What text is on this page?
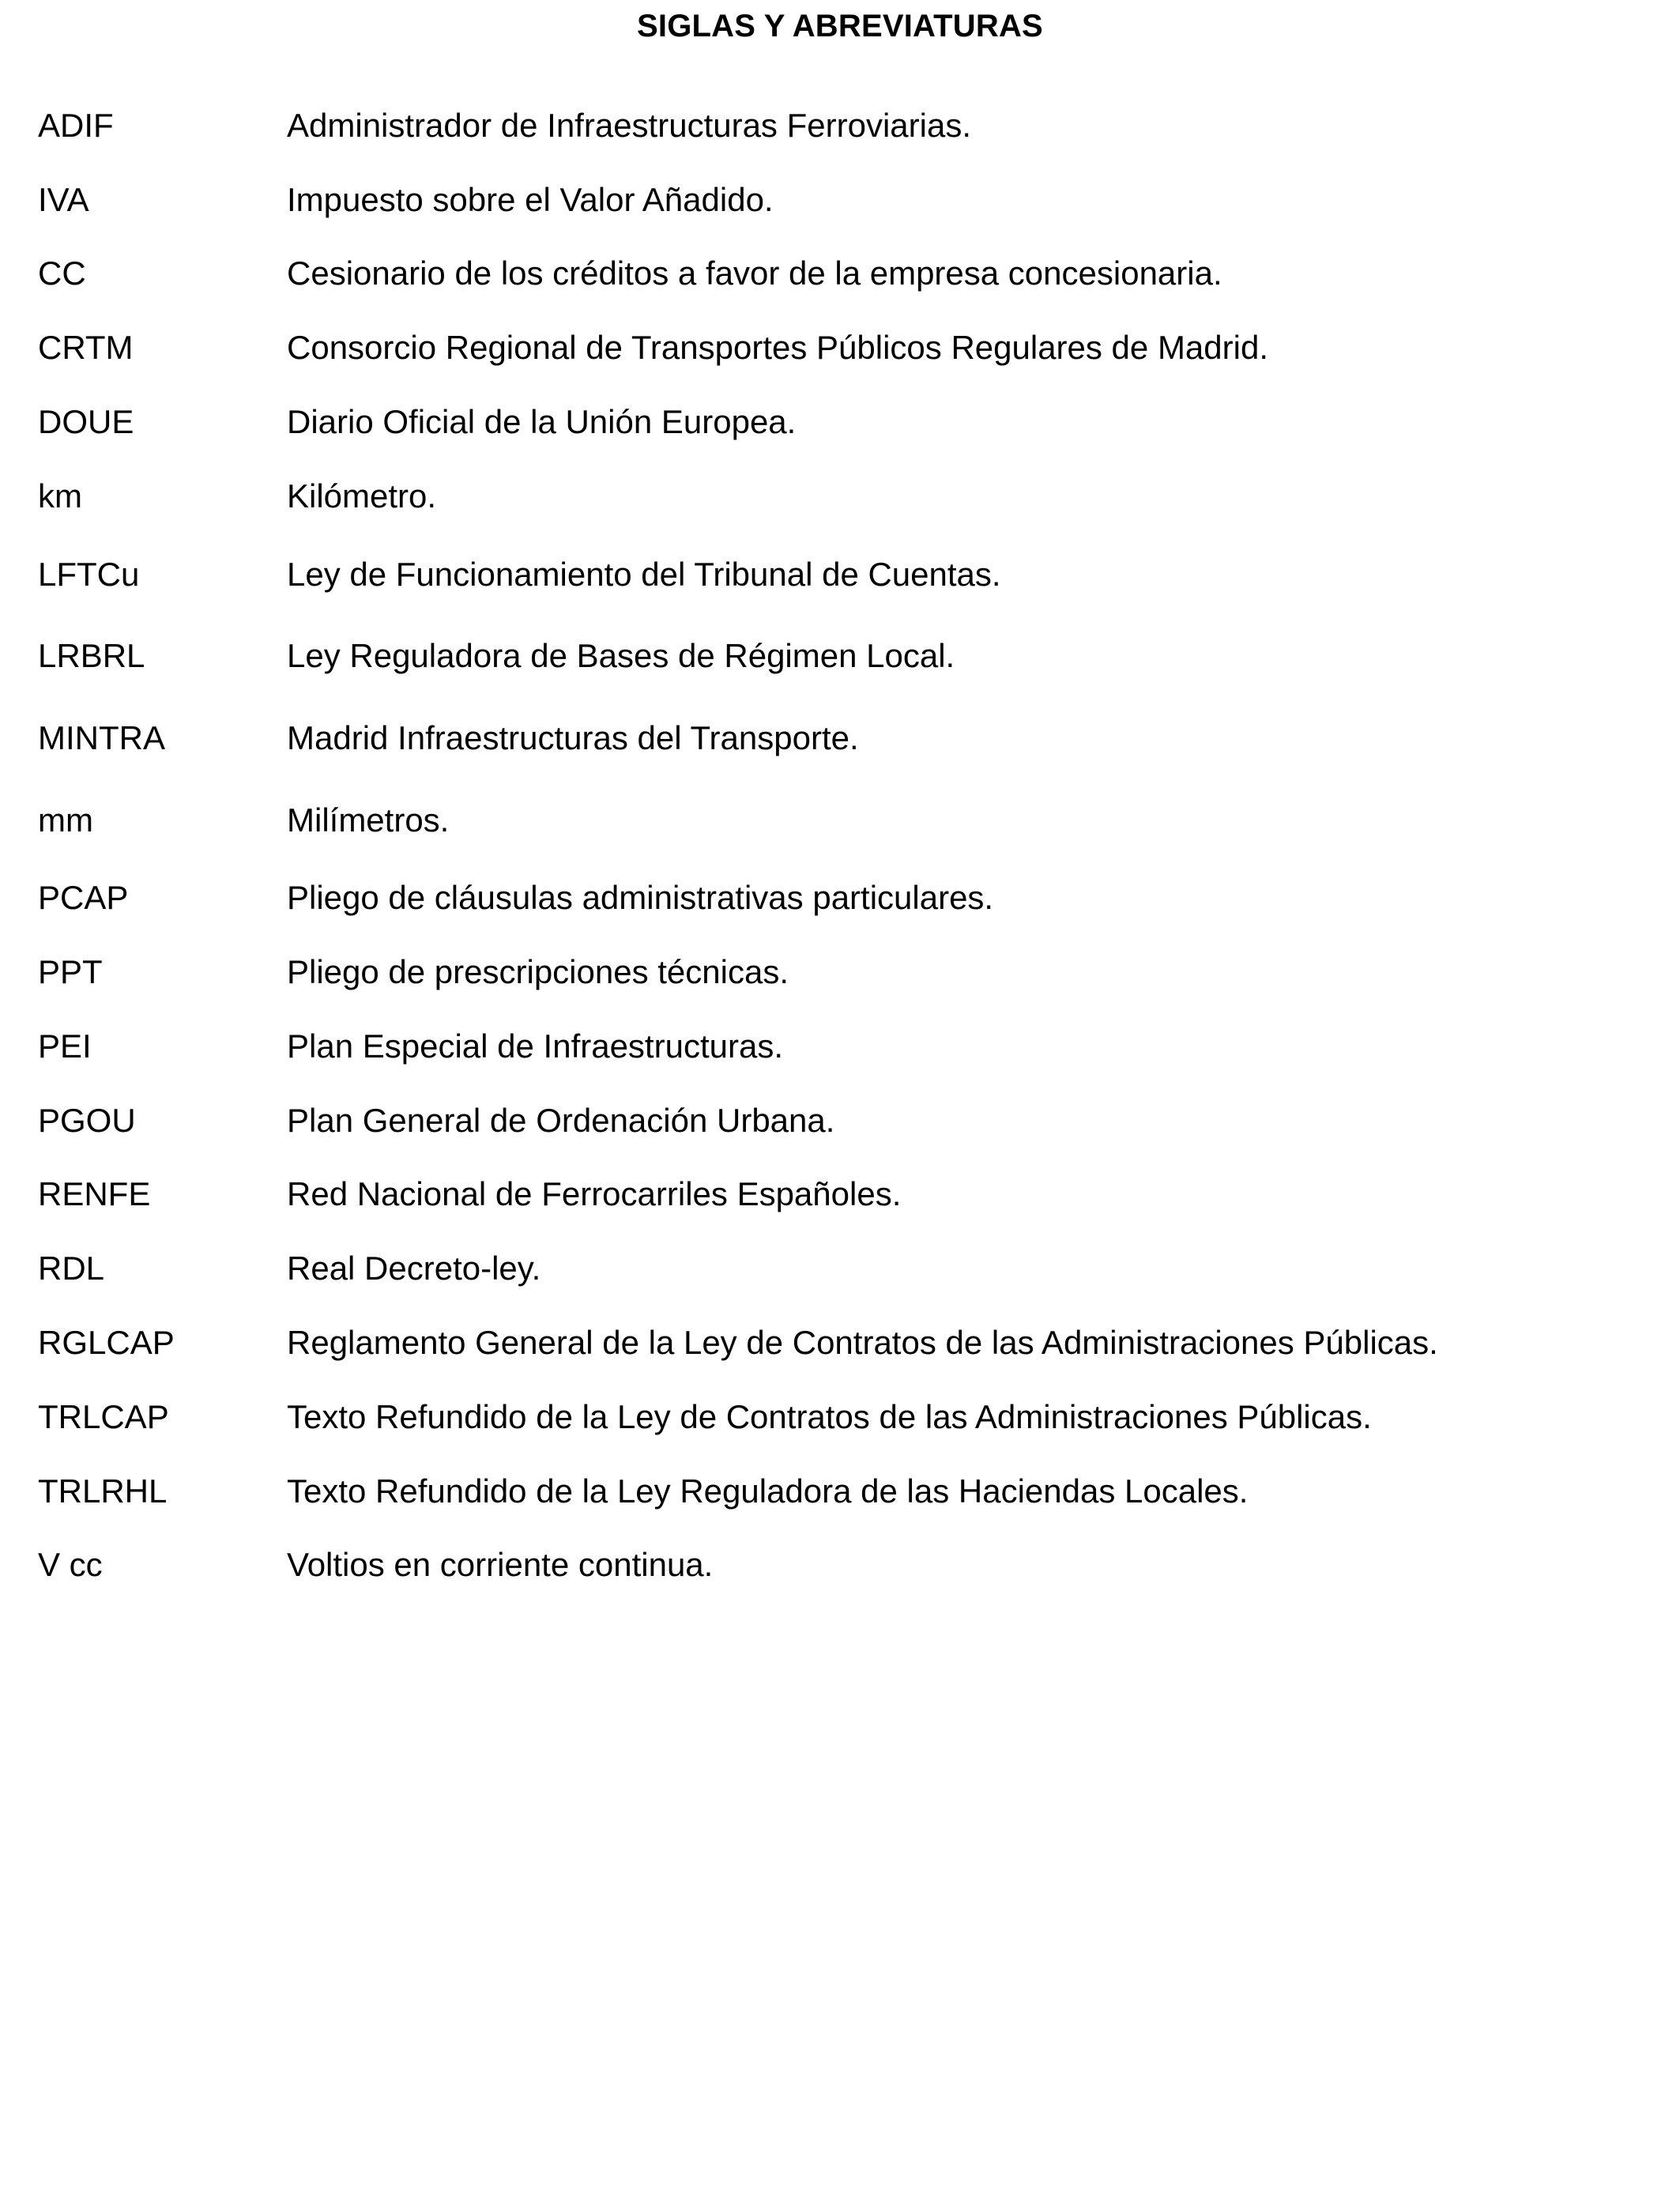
SIGLAS Y ABREVIATURAS
ADIF	Administrador de Infraestructuras Ferroviarias.
IVA	Impuesto sobre el Valor Añadido.
CC	Cesionario de los créditos a favor de la empresa concesionaria.
CRTM	Consorcio Regional de Transportes Públicos Regulares de Madrid.
DOUE	Diario Oficial de la Unión Europea.
km	Kilómetro.
LFTCu	Ley de Funcionamiento del Tribunal de Cuentas.
LRBRL	Ley Reguladora de Bases de Régimen Local.
MINTRA	Madrid Infraestructuras del Transporte.
mm	Milímetros.
PCAP	Pliego de cláusulas administrativas particulares.
PPT	Pliego de prescripciones técnicas.
PEI	Plan Especial de Infraestructuras.
PGOU	Plan General de Ordenación Urbana.
RENFE	Red Nacional de Ferrocarriles Españoles.
RDL	Real Decreto-ley.
RGLCAP	Reglamento General de la Ley de Contratos de las Administraciones Públicas.
TRLCAP	Texto Refundido de la Ley de Contratos de las Administraciones Públicas.
TRLRHL	Texto Refundido de la Ley Reguladora de las Haciendas Locales.
V cc	Voltios en corriente continua.
